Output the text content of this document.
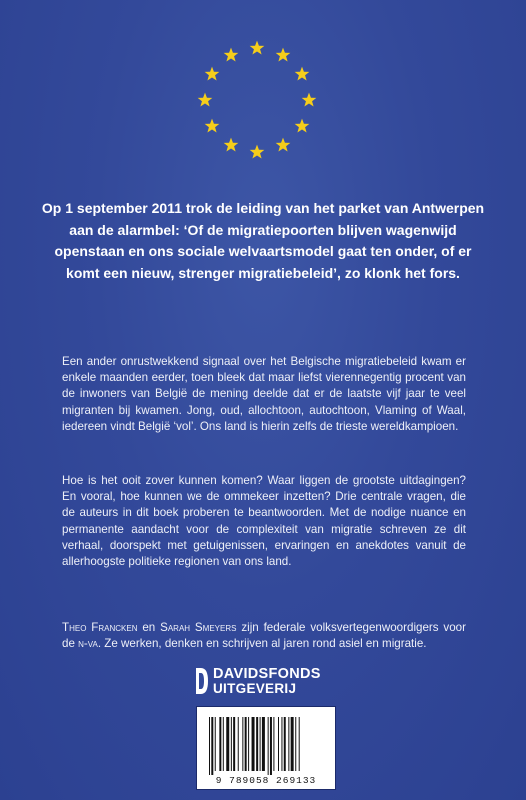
Op 1 september 2011 trok de leiding van het parket van Antwerpen aan de alarmbel: ‘Of de migratiepoorten blijven wagenwijd openstaan en ons sociale welvaartsmodel gaat ten onder, of er komt een nieuw, strenger migratiebeleid’, zo klonk het fors.
Een ander onrustwekkend signaal over het Belgische migratiebeleid kwam er enkele maanden eerder, toen bleek dat maar liefst vierennegentig procent van de inwoners van België de mening deelde dat er de laatste vijf jaar te veel migranten bij kwamen. Jong, oud, allochtoon, autochtoon, Vlaming of Waal, iedereen vindt België ‘vol’. Ons land is hierin zelfs de trieste wereldkampioen.
Hoe is het ooit zover kunnen komen? Waar liggen de grootste uitdagingen? En vooral, hoe kunnen we de ommekeer inzetten? Drie centrale vragen, die de auteurs in dit boek proberen te beantwoorden. Met de nodige nuance en permanente aandacht voor de complexiteit van migratie schreven ze dit verhaal, doorspekt met getuigenissen, ervaringen en anekdotes vanuit de allerhoogste politieke regionen van ons land.
Theo Francken en Sarah Smeyers zijn federale volksvertegenwoordigers voor de n-va. Ze werken, denken en schrijven al jaren rond asiel en migratie.
DAVIDSFONDS
UITGEVERIJ
9 789058 269133
